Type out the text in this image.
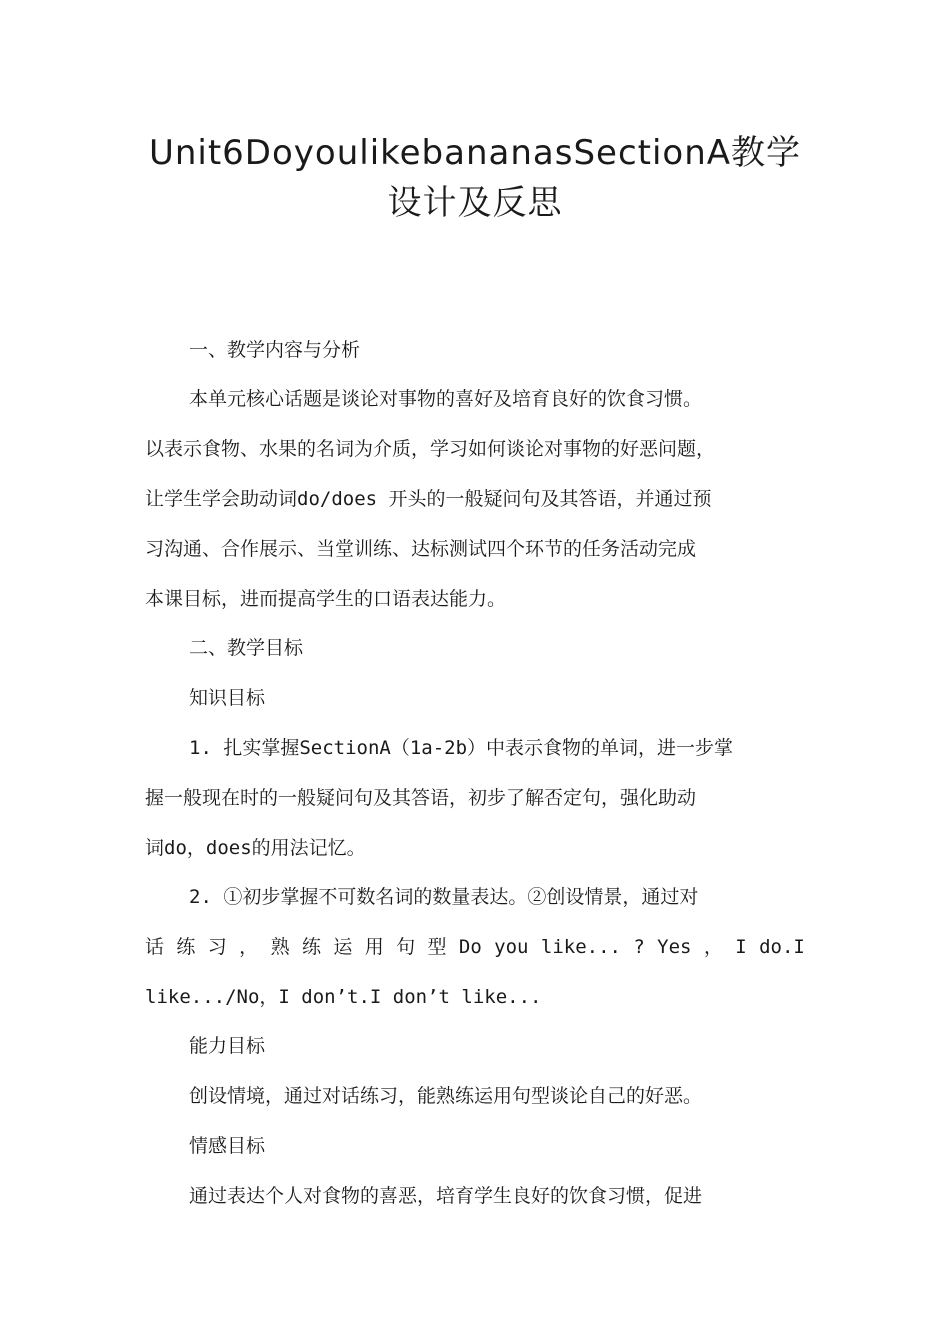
Unit6DoyoulikebananasSectionA教学
设计及反思
一、教学内容与分析
本单元核心话题是谈论对事物的喜好及培育良好的饮食习惯。
以表示食物、水果的名词为介质，学习如何谈论对事物的好恶问题，
让学生学会助动词do/does 开头的一般疑问句及其答语，并通过预
习沟通、合作展示、当堂训练、达标测试四个环节的任务活动完成
本课目标，进而提高学生的口语表达能力。
二、教学目标
知识目标
1. 扎实掌握SectionA（1a-2b）中表示食物的单词，进一步掌
握一般现在时的一般疑问句及其答语，初步了解否定句，强化助动
词do，does的用法记忆。
2. ①初步掌握不可数名词的数量表达。②创设情景，通过对
话 练 习 ， 熟 练 运 用 句 型 Do you like... ? Yes ， I do.I
like.../No，I don’t.I don’t like...
能力目标
创设情境，通过对话练习，能熟练运用句型谈论自己的好恶。
情感目标
通过表达个人对食物的喜恶，培育学生良好的饮食习惯，促进
